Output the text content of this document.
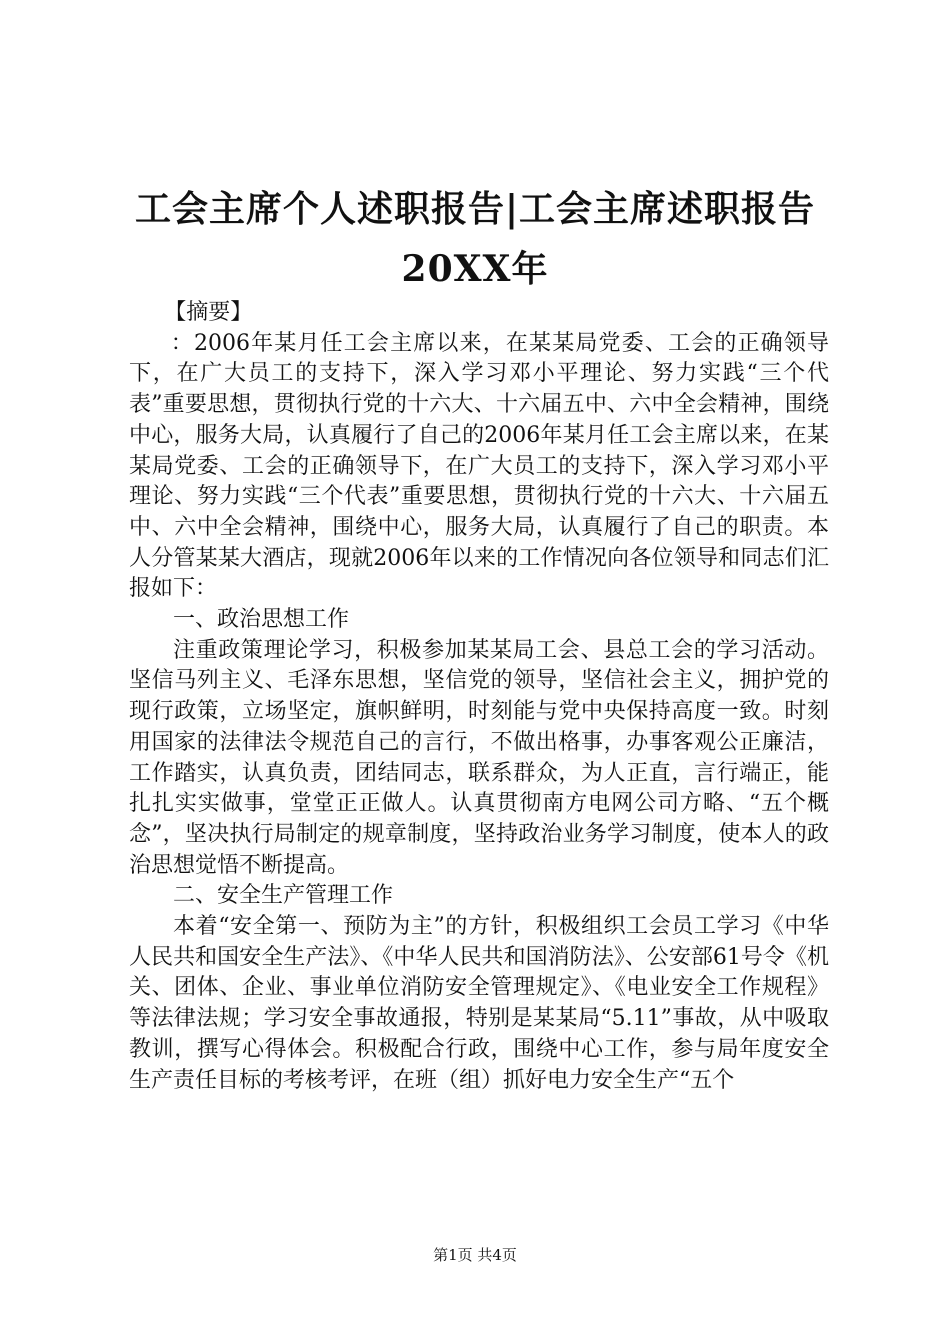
工会主席个人述职报告|工会主席述职报告
20XX年

【摘要】

：2006年某月任工会主席以来，在某某局党委、工会的正确领导下，在广大员工的支持下，深入学习邓小平理论、努力实践“三个代表”重要思想，贯彻执行党的十六大、十六届五中、六中全会精神，围绕中心，服务大局，认真履行了自己的2006年某月任工会主席以来，在某某局党委、工会的正确领导下，在广大员工的支持下，深入学习邓小平理论、努力实践“三个代表”重要思想，贯彻执行党的十六大、十六届五中、六中全会精神，围绕中心，服务大局，认真履行了自己的职责。本人分管某某大酒店，现就2006年以来的工作情况向各位领导和同志们汇报如下：

一、政治思想工作

注重政策理论学习，积极参加某某局工会、县总工会的学习活动。坚信马列主义、毛泽东思想，坚信党的领导，坚信社会主义，拥护党的现行政策，立场坚定，旗帜鲜明，时刻能与党中央保持高度一致。时刻用国家的法律法令规范自己的言行，不做出格事，办事客观公正廉洁，工作踏实，认真负责，团结同志，联系群众，为人正直，言行端正，能扎扎实实做事，堂堂正正做人。认真贯彻南方电网公司方略、“五个概念”，坚决执行局制定的规章制度，坚持政治业务学习制度，使本人的政治思想觉悟不断提高。

二、安全生产管理工作

本着“安全第一、预防为主”的方针，积极组织工会员工学习《中华人民共和国安全生产法》、《中华人民共和国消防法》、公安部61号令《机关、团体、企业、事业单位消防安全管理规定》、《电业安全工作规程》等法律法规；学习安全事故通报，特别是某某局“5.11”事故，从中吸取教训，撰写心得体会。积极配合行政，围绕中心工作，参与局年度安全生产责任目标的考核考评，在班（组）抓好电力安全生产“五个

第1页 共4页
